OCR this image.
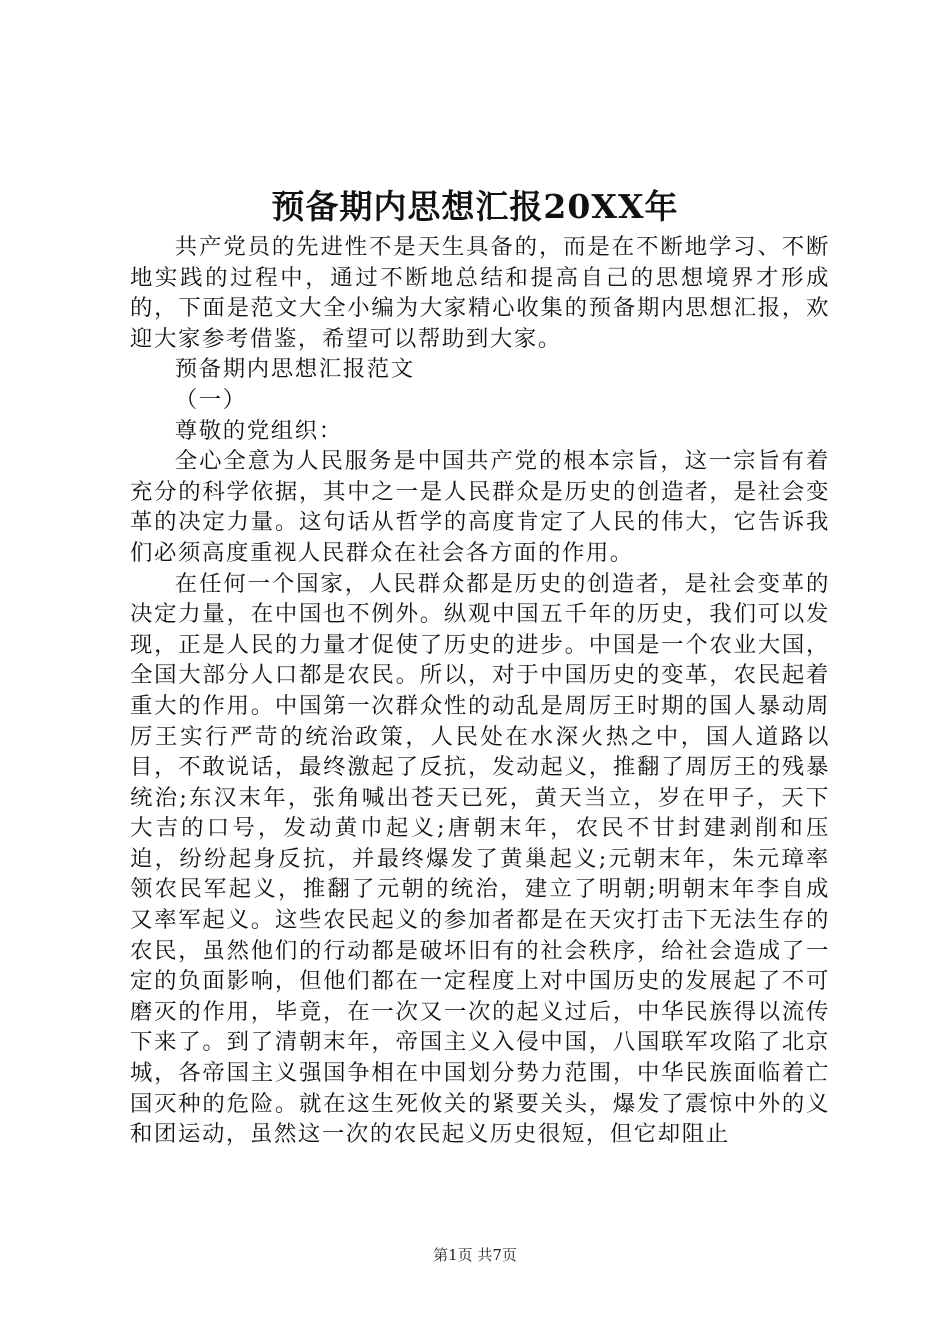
预备期内思想汇报20XX年

共产党员的先进性不是天生具备的，而是在不断地学习、不断地实践的过程中，通过不断地总结和提高自己的思想境界才形成的，下面是范文大全小编为大家精心收集的预备期内思想汇报，欢迎大家参考借鉴，希望可以帮助到大家。

预备期内思想汇报范文

（一）

尊敬的党组织：

全心全意为人民服务是中国共产党的根本宗旨，这一宗旨有着充分的科学依据，其中之一是人民群众是历史的创造者，是社会变革的决定力量。这句话从哲学的高度肯定了人民的伟大，它告诉我们必须高度重视人民群众在社会各方面的作用。

在任何一个国家，人民群众都是历史的创造者，是社会变革的决定力量，在中国也不例外。纵观中国五千年的历史，我们可以发现，正是人民的力量才促使了历史的进步。中国是一个农业大国，全国大部分人口都是农民。所以，对于中国历史的变革，农民起着重大的作用。中国第一次群众性的动乱是周厉王时期的国人暴动周厉王实行严苛的统治政策，人民处在水深火热之中，国人道路以目，不敢说话，最终激起了反抗，发动起义，推翻了周厉王的残暴统治;东汉末年，张角喊出苍天已死，黄天当立，岁在甲子，天下大吉的口号，发动黄巾起义;唐朝末年，农民不甘封建剥削和压迫，纷纷起身反抗，并最终爆发了黄巢起义;元朝末年，朱元璋率领农民军起义，推翻了元朝的统治，建立了明朝;明朝末年李自成又率军起义。这些农民起义的参加者都是在天灾打击下无法生存的农民，虽然他们的行动都是破坏旧有的社会秩序，给社会造成了一定的负面影响，但他们都在一定程度上对中国历史的发展起了不可磨灭的作用，毕竟，在一次又一次的起义过后，中华民族得以流传下来了。到了清朝末年，帝国主义入侵中国，八国联军攻陷了北京城，各帝国主义强国争相在中国划分势力范围，中华民族面临着亡国灭种的危险。就在这生死攸关的紧要关头，爆发了震惊中外的义和团运动，虽然这一次的农民起义历史很短，但它却阻止

第1页 共7页
